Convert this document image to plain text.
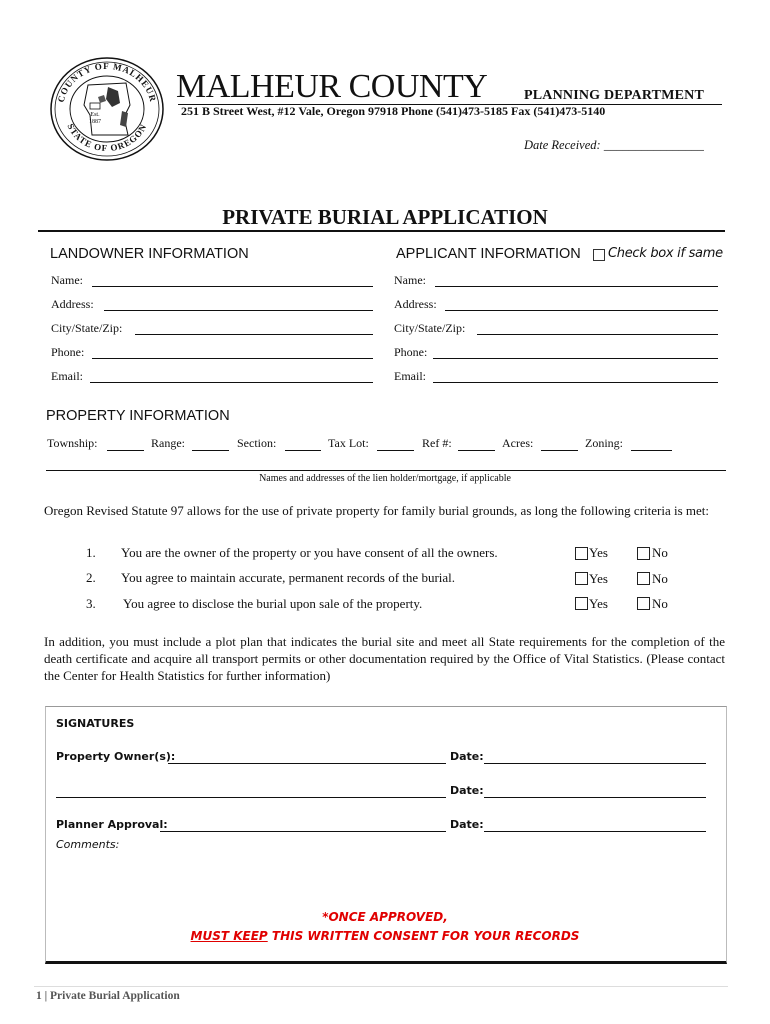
COUNTY OF MALHEUR
STATE OF OREGON
Est.
1887
MALHEUR COUNTY	PLANNING DEPARTMENT
251 B Street West, #12 Vale, Oregon 97918 Phone (541)473-5185 Fax (541)473-5140
Date Received: ________________
PRIVATE BURIAL APPLICATION
LANDOWNER INFORMATION	APPLICANT INFORMATION Check box if same
Name:
Address:
City/State/Zip:
Phone:
Email:
Name:
Address:
City/State/Zip:
Phone:
Email:
PROPERTY INFORMATION
Township:	Range:	Section:	Tax Lot:	Ref #:	Acres:	Zoning:
Names and addresses of the lien holder/mortgage, if applicable
Oregon Revised Statute 97 allows for the use of private property for family burial grounds, as long the following criteria is met:
1. You are the owner of the property or you have consent of all the owners.	Yes	No
2. You agree to maintain accurate, permanent records of the burial.	Yes	No
3. You agree to disclose the burial upon sale of the property.	Yes	No
In addition, you must include a plot plan that indicates the burial site and meet all State requirements for the completion of the death certificate and acquire all transport permits or other documentation required by the Office of Vital Statistics. (Please contact the Center for Health Statistics for further information)
SIGNATURES
Property Owner(s):	Date:
Date:
Planner Approval:	Date:
Comments:
*ONCE APPROVED,
MUST KEEP THIS WRITTEN CONSENT FOR YOUR RECORDS
1 | Private Burial Application
